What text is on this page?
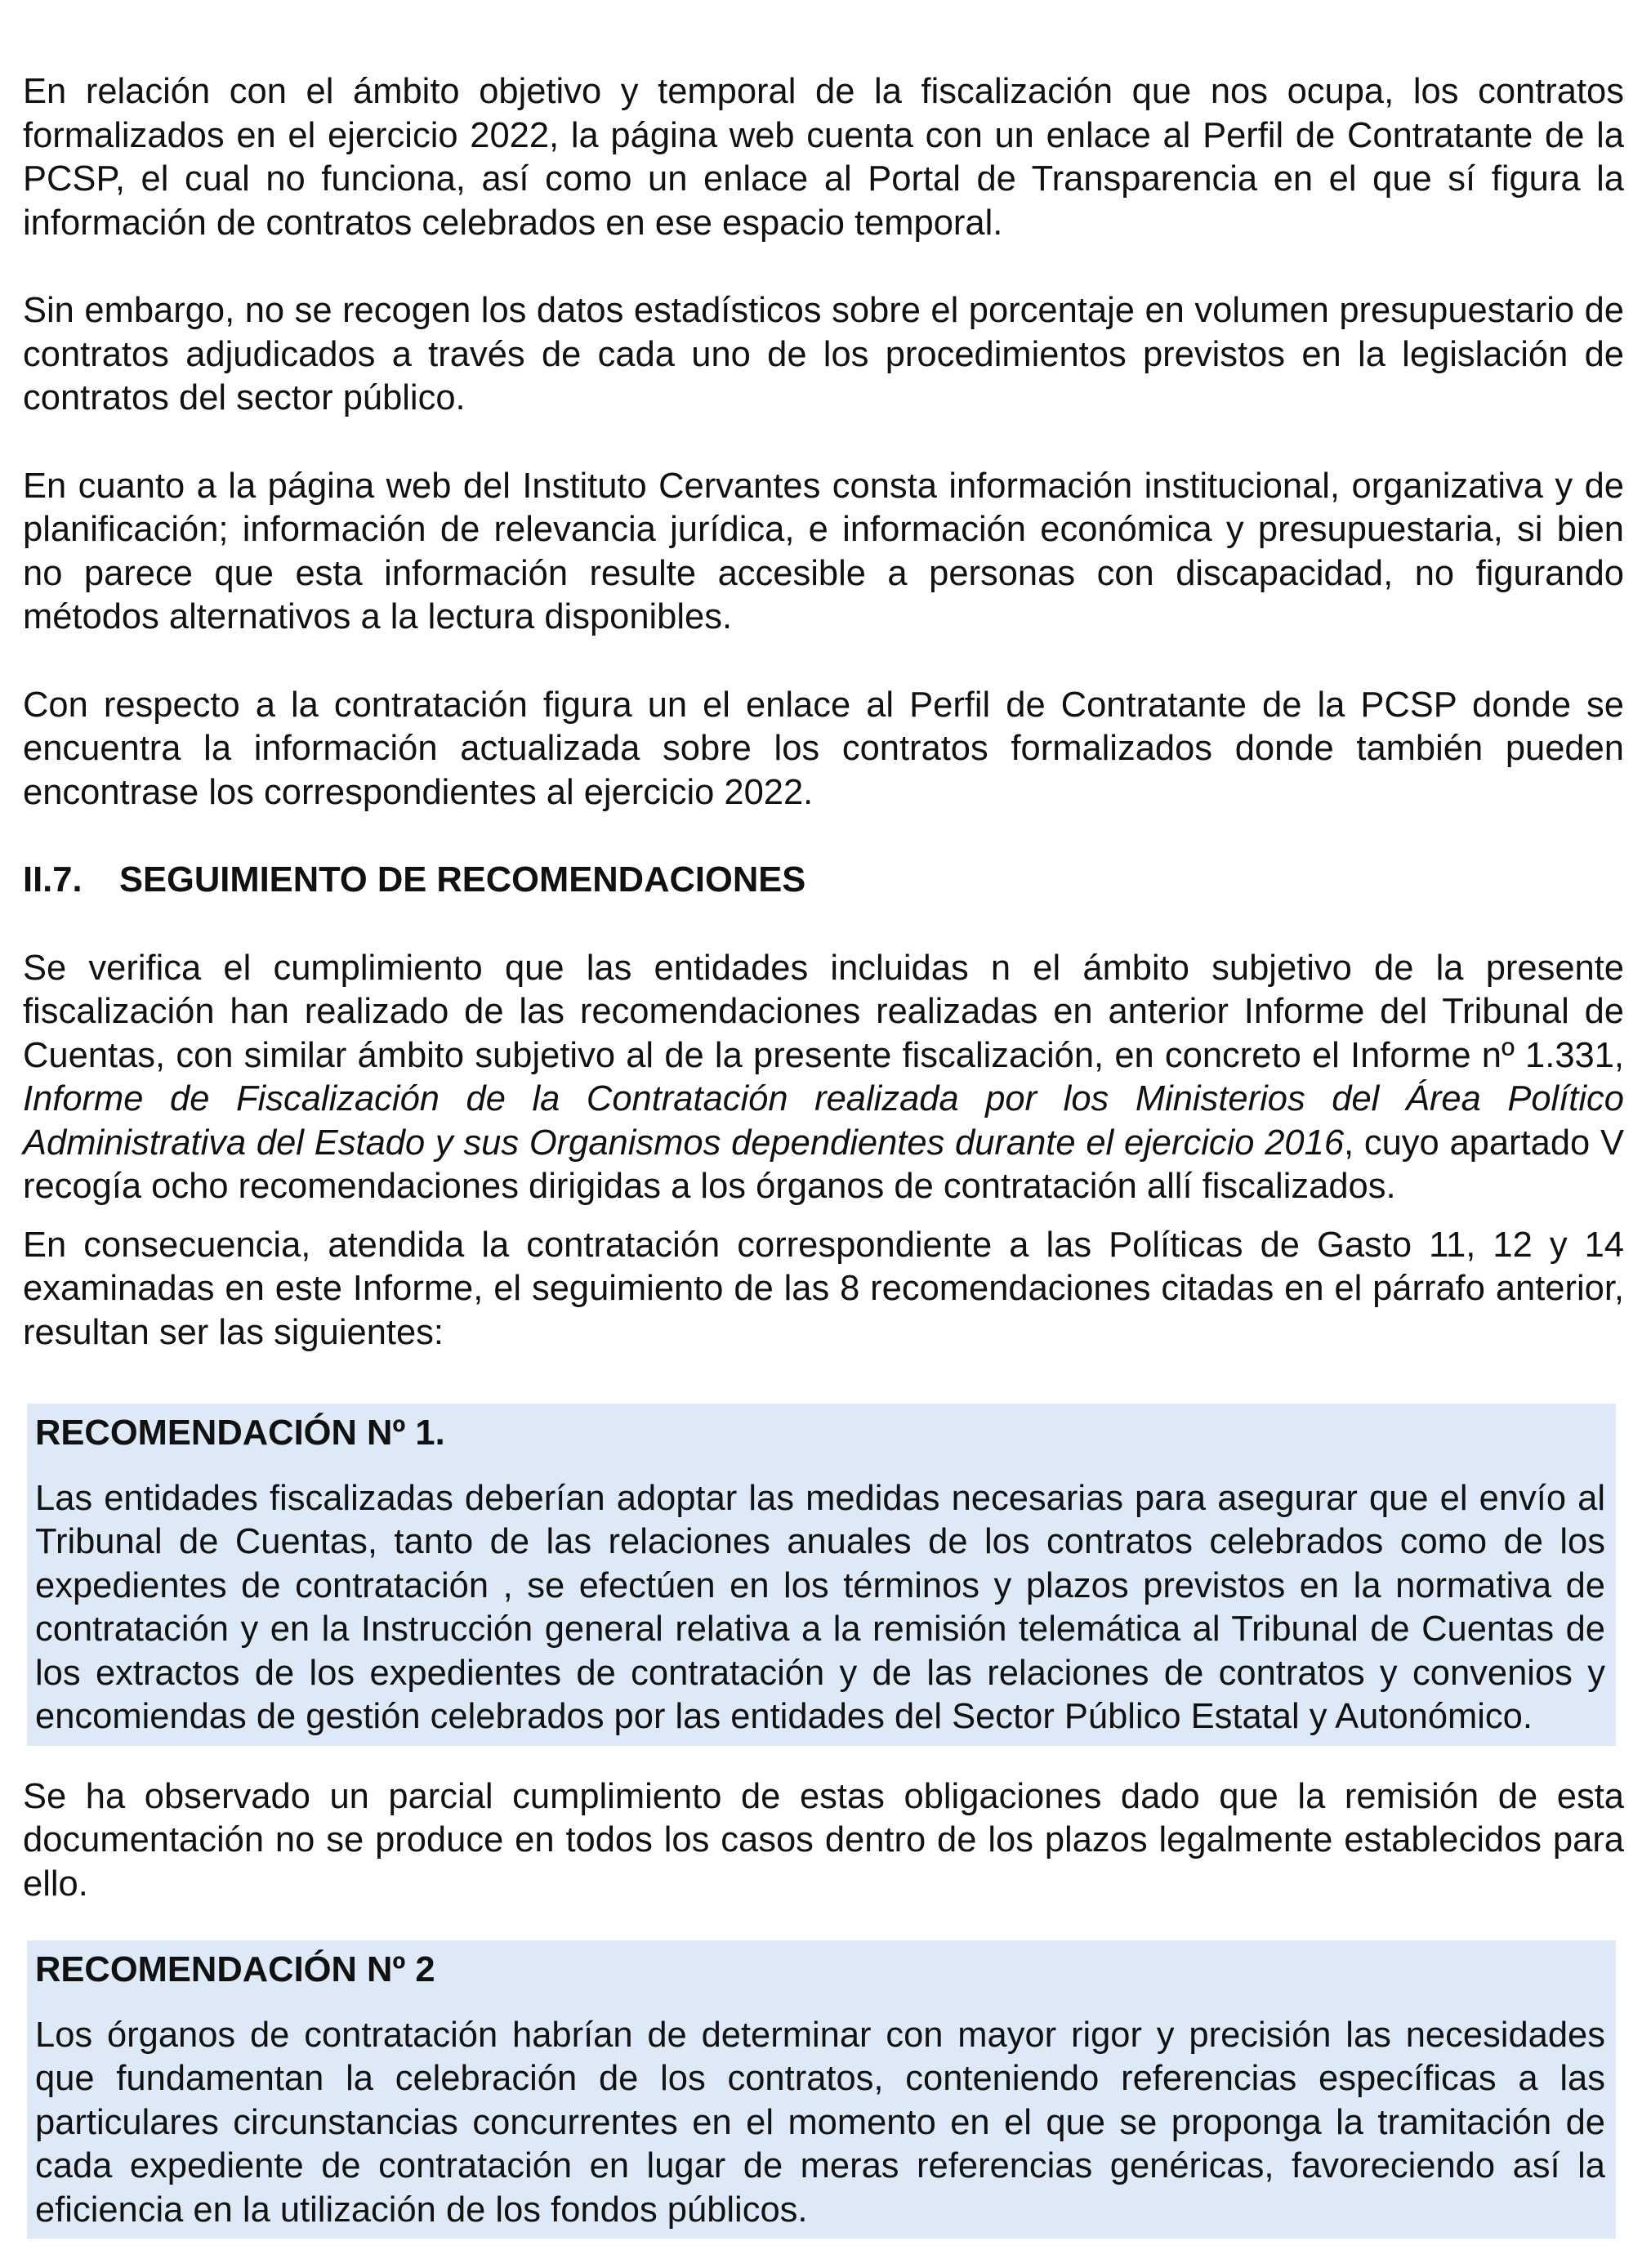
En relación con el ámbito objetivo y temporal de la fiscalización que nos ocupa, los contratos formalizados en el ejercicio 2022, la página web cuenta con un enlace al Perfil de Contratante de la PCSP, el cual no funciona, así como un enlace al Portal de Transparencia en el que sí figura la información de contratos celebrados en ese espacio temporal.

Sin embargo, no se recogen los datos estadísticos sobre el porcentaje en volumen presupuestario de contratos adjudicados a través de cada uno de los procedimientos previstos en la legislación de contratos del sector público.

En cuanto a la página web del Instituto Cervantes consta información institucional, organizativa y de planificación; información de relevancia jurídica, e información económica y presupuestaria, si bien no parece que esta información resulte accesible a personas con discapacidad, no figurando métodos alternativos a la lectura disponibles.

Con respecto a la contratación figura un el enlace al Perfil de Contratante de la PCSP donde se encuentra la información actualizada sobre los contratos formalizados donde también pueden encontrase los correspondientes al ejercicio 2022.

II.7.	SEGUIMIENTO DE RECOMENDACIONES

Se verifica el cumplimiento que las entidades incluidas n el ámbito subjetivo de la presente fiscalización han realizado de las recomendaciones realizadas en anterior Informe del Tribunal de Cuentas, con similar ámbito subjetivo al de la presente fiscalización, en concreto el Informe nº 1.331, Informe de Fiscalización de la Contratación realizada por los Ministerios del Área Político Administrativa del Estado y sus Organismos dependientes durante el ejercicio 2016, cuyo apartado V recogía ocho recomendaciones dirigidas a los órganos de contratación allí fiscalizados.

En consecuencia, atendida la contratación correspondiente a las Políticas de Gasto 11, 12 y 14 examinadas en este Informe, el seguimiento de las 8 recomendaciones citadas en el párrafo anterior, resultan ser las siguientes:

RECOMENDACIÓN Nº 1.

Las entidades fiscalizadas deberían adoptar las medidas necesarias para asegurar que el envío al Tribunal de Cuentas, tanto de las relaciones anuales de los contratos celebrados como de los expedientes de contratación , se efectúen en los términos y plazos previstos en la normativa de contratación y en la Instrucción general relativa a la remisión telemática al Tribunal de Cuentas de los extractos de los expedientes de contratación y de las relaciones de contratos y convenios y encomiendas de gestión celebrados por las entidades del Sector Público Estatal y Autonómico.

Se ha observado un parcial cumplimiento de estas obligaciones dado que la remisión de esta documentación no se produce en todos los casos dentro de los plazos legalmente establecidos para ello.

RECOMENDACIÓN Nº 2

Los órganos de contratación habrían de determinar con mayor rigor y precisión las necesidades que fundamentan la celebración de los contratos, conteniendo referencias específicas a las particulares circunstancias concurrentes en el momento en el que se proponga la tramitación de cada expediente de contratación en lugar de meras referencias genéricas, favoreciendo así la eficiencia en la utilización de los fondos públicos.
